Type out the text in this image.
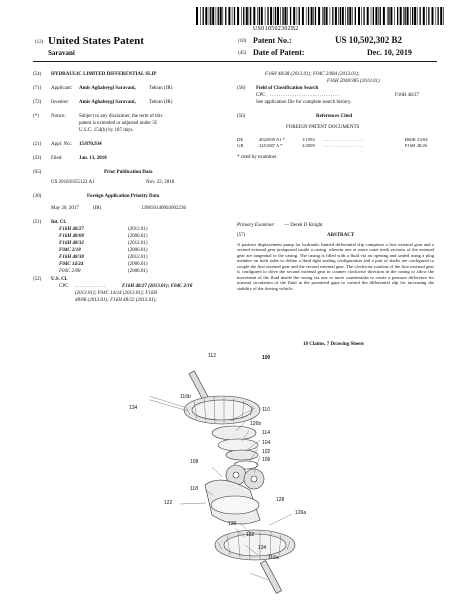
US010502302B2
(12) United States Patent
Saravani
(10) Patent No.:	US 10,502,302 B2
(45) Date of Patent:	Dec. 10, 2019
(54) HYDRAULIC LIMITED DIFFERENTIAL SLIP
(71) Applicant: Amir Aghabeygi Saravani,	Tehran (IR)
(72) Inventor: Amir Aghabeygi Saravani,	Tehran (IR)
(*) Notice:	Subject to any disclaimer, the term of this
patent is extended or adjusted under 35
U.S.C. 154(b) by 187 days.
(21) Appl. No.: 15/870,934
(22) Filed:	Jan. 13, 2018
(65)	Prior Publication Data
US 2018/0355122 A1	Nov. 22, 2018
(30)	Foreign Application Priority Data
May 20, 2017	(IR)	139650140003002236
(51) Int. Cl.
F16H 48/27	(2012.01)
F16H 48/08	(2006.01)
F16H 48/32	(2012.01)
F04C 2/18	(2006.01)
F16H 48/38	(2012.01)
F04C 14/24	(2006.01)
F04C 2/08	(2006.01)
(52) U.S. Cl.
CPC ..............	F16H 48/27 (2013.01); F04C 2/18
(2013.01); F04C 14/24 (2013.01); F16H
48/08 (2013.01); F16H 48/32 (2013.01);
F16H 48/38 (2013.01); F04C 2/084 (2013.01);
F16H 2048/385 (2013.01)
(58) Field of Classification Search
CPC ...............................	F16H 48/27
See application file for complete search history.
(56)	References Cited
FOREIGN PATENT DOCUMENTS
DE	4022839 A1 *	1/1992 ...................	B60K 23/04
GB	2451887 A *	2/2009 ...................	F16H 48/26
* cited by examiner
Primary Examiner — Derek D Knight
(57)	ABSTRACT
A positive displacement pump for hydraulic limited differential slip comprises a first external gear and a second external gear juxtaposed inside a casing, wherein one or more outer teeth sections of the external gear are tangential to the casing. The casing is filled with a fluid via an opening and sealed using a plug member on both sides to define a fluid tight sealing configuration and a pair of shafts are configured to couple the first external gear and the second external gear. The clockwise rotation of the first external gear is configured to drive the second external gear in counter clockwise direction in the casing to allow the movement of the fluid inside the casing via one or more countersinks to create a pressure difference for internal circulation of the fluid in the permitted gaps to control the differential slip for increasing the stability of the driving vehicle.
18 Claims, 7 Drawing Sheets
112	100
116b
134	110
126b
114
104
102
106
108
118
122	128
126a
130
132
134
116a
